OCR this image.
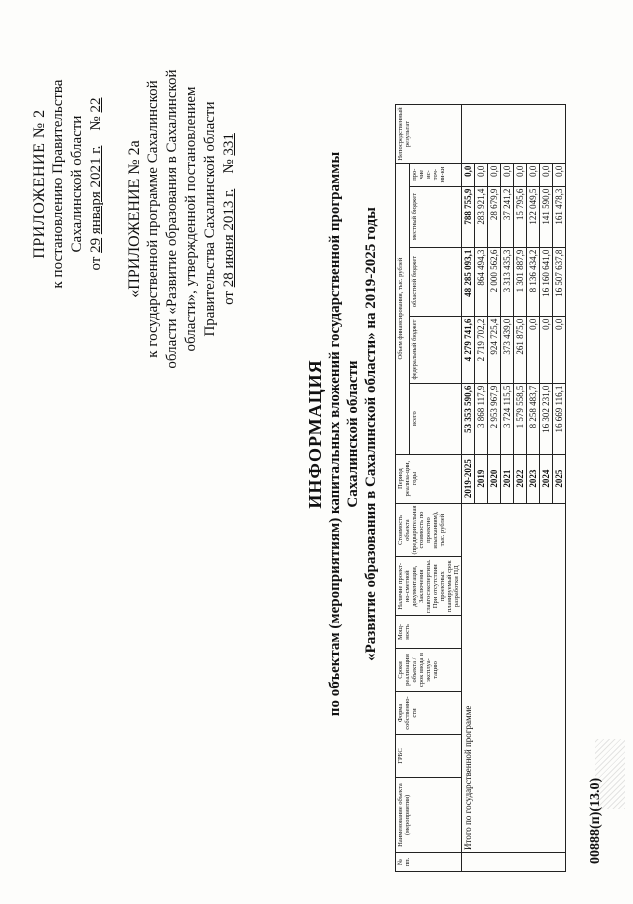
ПРИЛОЖЕНИЕ № 2 к постановлению Правительства Сахалинской области
от 29 января 2021 г.    № 22
«ПРИЛОЖЕНИЕ № 2а к государственной программе Сахалинской области «Развитие образования в Сахалинской области», утвержденной постановлением Правительства Сахалинской области от 28 июня 2013 г.    № 331
ИНФОРМАЦИЯ по объектам (мероприятиям) капитальных вложений государственной программы Сахалинской области «Развитие образования в Сахалинской области» на 2019-2025 годы
№ пп.	Наименование объекта (мероприятия)	ГРБС	Форма собственно-сти	Сроки реализации объекта / срок ввода в эксплуа-тацию	Мощ-ность	Наличие проект-но-сметной документации, Заключения главгосэкспертизы. При отсутствии проектных планируемый срок разработки ПД	Стоимость объекта (предварительная стоимость по проектно изысканиям), тыс. рублей	Период реализа-ции, годы	Объем финансирования, тыс. рублей					Непосредственный результат
									всего	федеральный бюджет	областной бюджет	местный бюджет	про-чие ис-точ-ни-ки	
	Итого по государственной программе							2019-2025	53 353 590,6	4 279 741,6	48 285 093,1	788 755,9	0,0	
								2019	3 868 117,9	2 719 702,2	864 494,3	283 921,4	0,0	
								2020	2 953 967,9	924 725,4	2 000 562,6	28 679,9	0,0	
								2021	3 724 115,5	373 439,0	3 313 435,3	37 241,2	0,0	
								2022	1 579 558,5	261 875,0	1 301 887,9	15 795,6	0,0	
								2023	8 258 483,7	0,0	8 136 434,2	122 049,5	0,0	
								2024	16 302 231,0	0,0	16 160 641,0	141 590,0	0,0	
								2025	16 669 116,1	0,0	16 507 637,8	161 478,3	0,0	
00888(п)(13.0)
